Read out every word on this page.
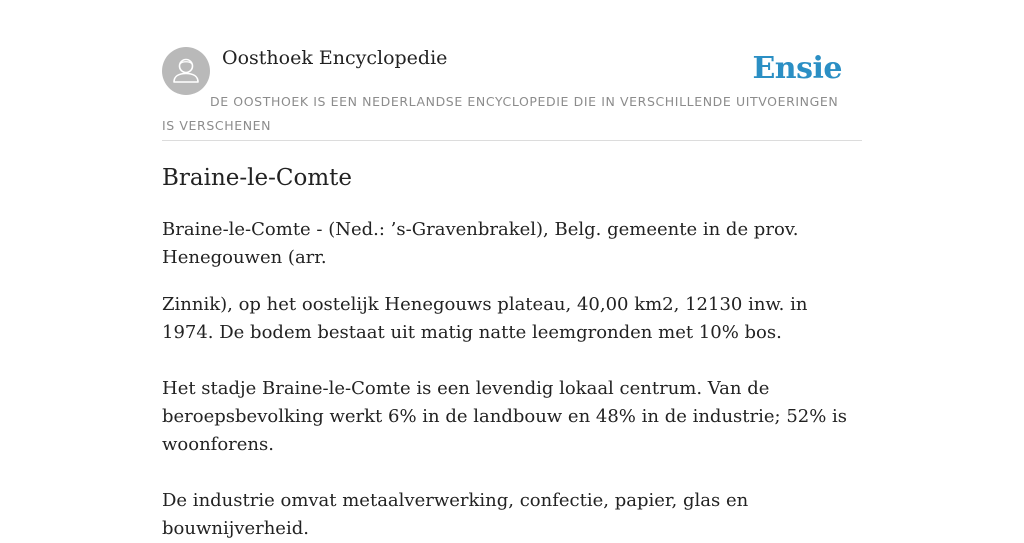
Oosthoek Encyclopedie	Ensie
DE OOSTHOEK IS EEN NEDERLANDSE ENCYCLOPEDIE DIE IN VERSCHILLENDE UITVOERINGEN IS VERSCHENEN
Braine-le-Comte

Braine-le-Comte - (Ned.: ’s-Gravenbrakel), Belg. gemeente in de prov. Henegouwen (arr.

Zinnik), op het oostelijk Henegouws plateau, 40,00 km2, 12130 inw. in 1974. De bodem bestaat uit matig natte leemgronden met 10% bos.

Het stadje Braine-le-Comte is een levendig lokaal centrum. Van de beroepsbevolking werkt 6% in de landbouw en 48% in de industrie; 52% is woonforens.

De industrie omvat metaalverwerking, confectie, papier, glas en bouwnijverheid.
